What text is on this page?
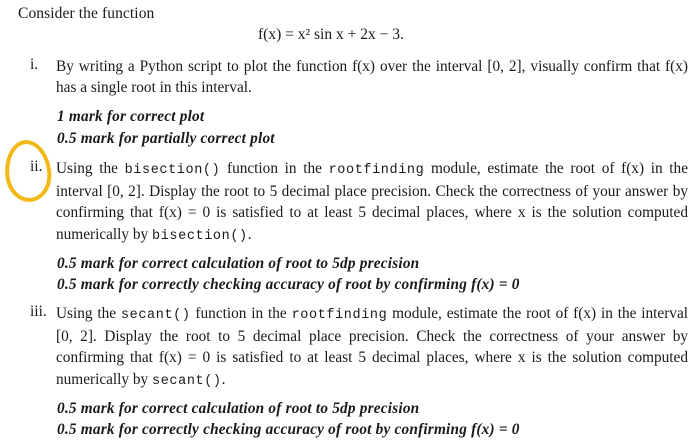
Consider the function
f(x) = x² sin x + 2x − 3.
i. By writing a Python script to plot the function f(x) over the interval [0, 2], visually confirm that f(x) has a single root in this interval.
1 mark for correct plot
0.5 mark for partially correct plot
ii. Using the bisection() function in the rootfinding module, estimate the root of f(x) in the interval [0, 2]. Display the root to 5 decimal place precision. Check the correctness of your answer by confirming that f(x) = 0 is satisfied to at least 5 decimal places, where x is the solution computed numerically by bisection().
0.5 mark for correct calculation of root to 5dp precision
0.5 mark for correctly checking accuracy of root by confirming f(x) = 0
iii. Using the secant() function in the rootfinding module, estimate the root of f(x) in the interval [0, 2]. Display the root to 5 decimal place precision. Check the correctness of your answer by confirming that f(x) = 0 is satisfied to at least 5 decimal places, where x is the solution computed numerically by secant().
0.5 mark for correct calculation of root to 5dp precision
0.5 mark for correctly checking accuracy of root by confirming f(x) = 0
